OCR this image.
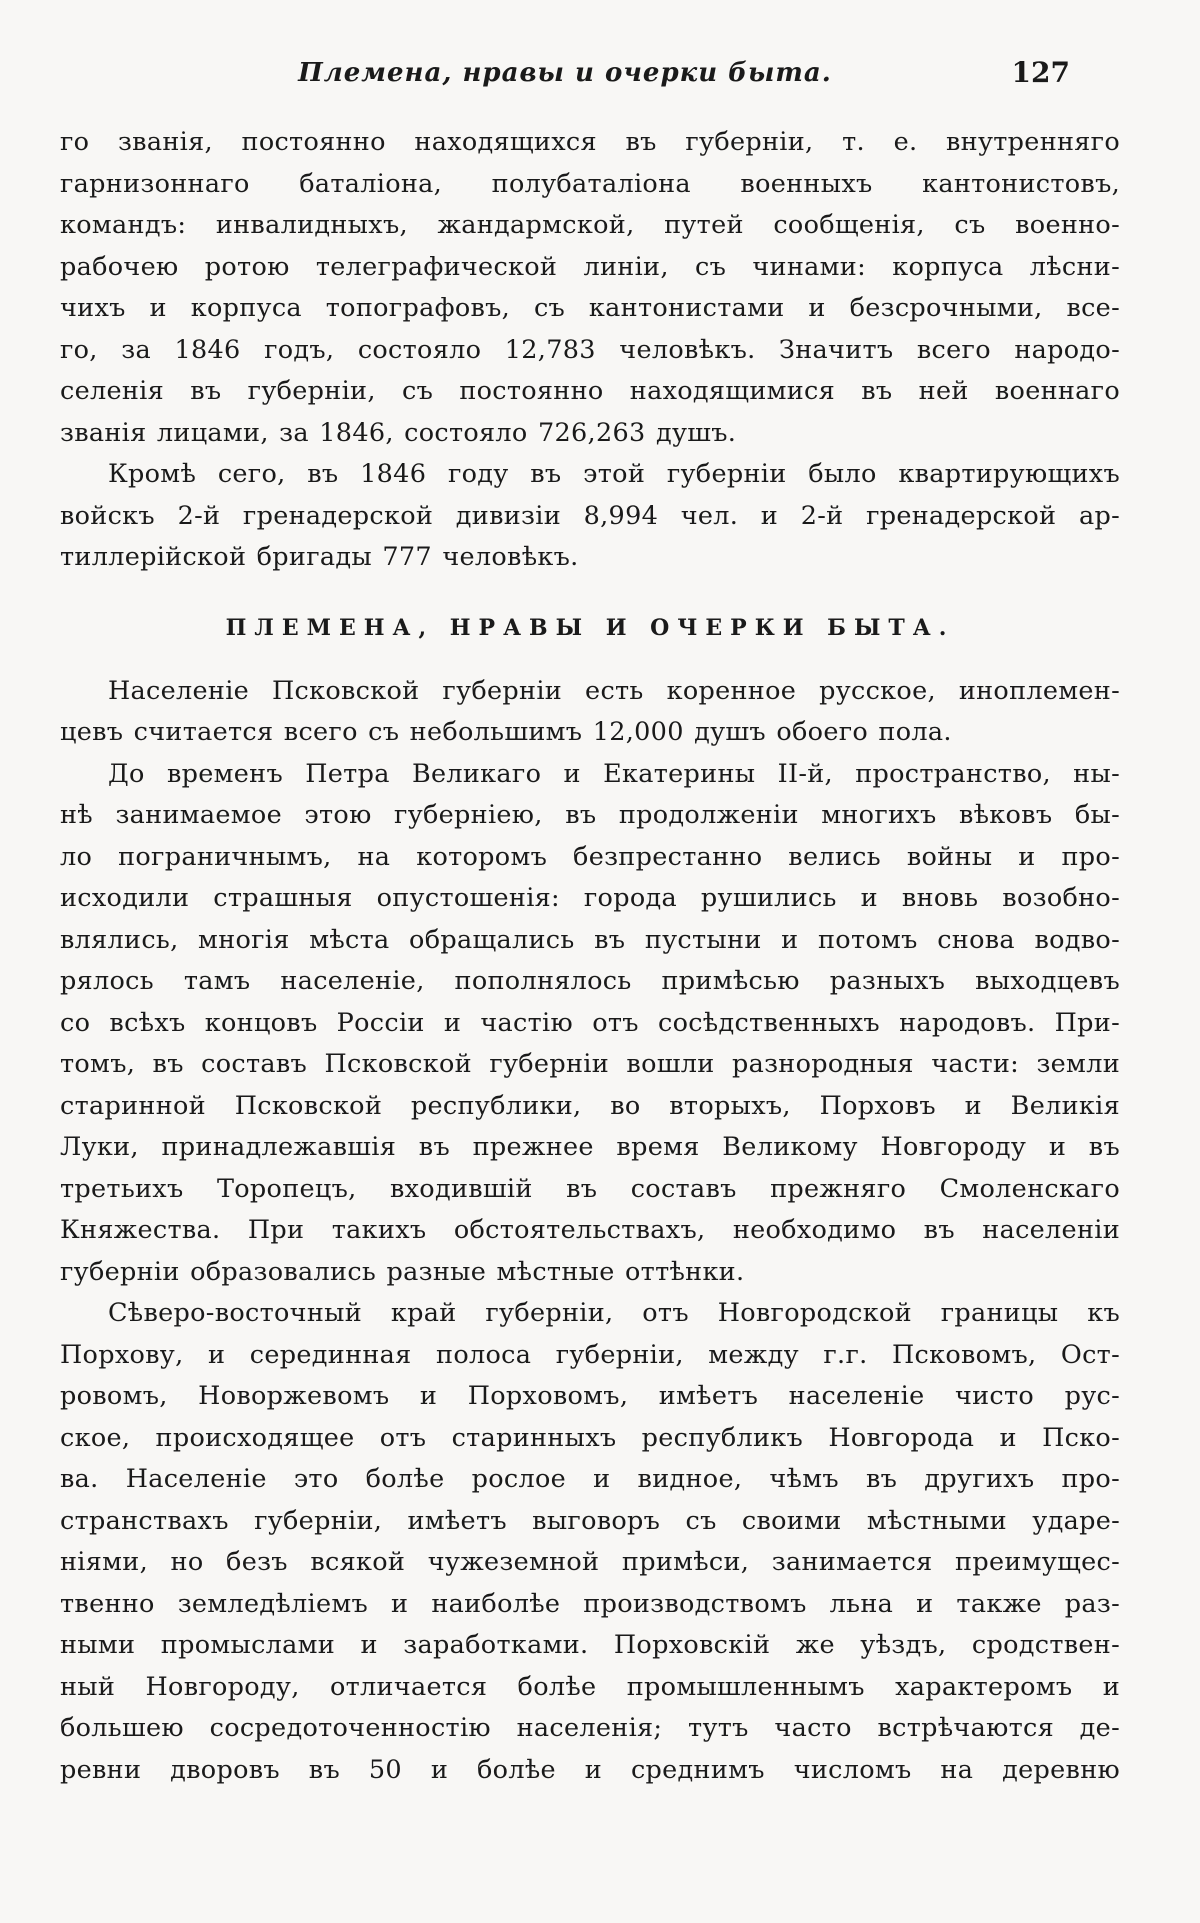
Племена, нравы и очерки быта.	127
го званія, постоянно находящихся въ губерніи, т. е. внутренняго
гарнизоннаго баталіона, полубаталіона военныхъ кантонистовъ,
командъ: инвалидныхъ, жандармской, путей сообщенія, съ военно-
рабочею ротою телеграфической линіи, съ чинами: корпуса лѣсни-
чихъ и корпуса топографовъ, съ кантонистами и безсрочными, все-
го, за 1846 годъ, состояло 12,783 человѣкъ. Значитъ всего народо-
селенія въ губерніи, съ постоянно находящимися въ ней военнаго
званія лицами, за 1846, состояло 726,263 душъ.
Кромѣ сего, въ 1846 году въ этой губерніи было квартирующихъ
войскъ 2-й гренадерской дивизіи 8,994 чел. и 2-й гренадерской ар-
тиллерійской бригады 777 человѣкъ.
ПЛЕМЕНА, НРАВЫ И ОЧЕРКИ БЫТА.
Населеніе Псковской губерніи есть коренное русское, иноплемен-
цевъ считается всего съ небольшимъ 12,000 душъ обоего пола.
До временъ Петра Великаго и Екатерины II-й, пространство, ны-
нѣ занимаемое этою губерніею, въ продолженіи многихъ вѣковъ бы-
ло пограничнымъ, на которомъ безпрестанно велись войны и про-
исходили страшныя опустошенія: города рушились и вновь возобно-
влялись, многія мѣста обращались въ пустыни и потомъ снова водво-
рялось тамъ населеніе, пополнялось примѣсью разныхъ выходцевъ
со всѣхъ концовъ Россіи и частію отъ сосѣдственныхъ народовъ. При-
томъ, въ составъ Псковской губерніи вошли разнородныя части: земли
старинной Псковской республики, во вторыхъ, Порховъ и Великія
Луки, принадлежавшія въ прежнее время Великому Новгороду и въ
третьихъ Торопецъ, входившій въ составъ прежняго Смоленскаго
Княжества. При такихъ обстоятельствахъ, необходимо въ населеніи
губерніи образовались разные мѣстные оттѣнки.
Сѣверо-восточный край губерніи, отъ Новгородской границы къ
Порхову, и серединная полоса губерніи, между г.г. Псковомъ, Ост-
ровомъ, Новоржевомъ и Порховомъ, имѣетъ населеніе чисто рус-
ское, происходящее отъ старинныхъ республикъ Новгорода и Пско-
ва. Населеніе это болѣе рослое и видное, чѣмъ въ другихъ про-
странствахъ губерніи, имѣетъ выговоръ съ своими мѣстными ударе-
ніями, но безъ всякой чужеземной примѣси, занимается преимущес-
твенно земледѣліемъ и наиболѣе производствомъ льна и также раз-
ными промыслами и заработками. Порховскій же уѣздъ, сродствен-
ный Новгороду, отличается болѣе промышленнымъ характеромъ и
большею сосредоточенностію населенія; тутъ часто встрѣчаются де-
ревни дворовъ въ 50 и болѣе и среднимъ числомъ на деревню
